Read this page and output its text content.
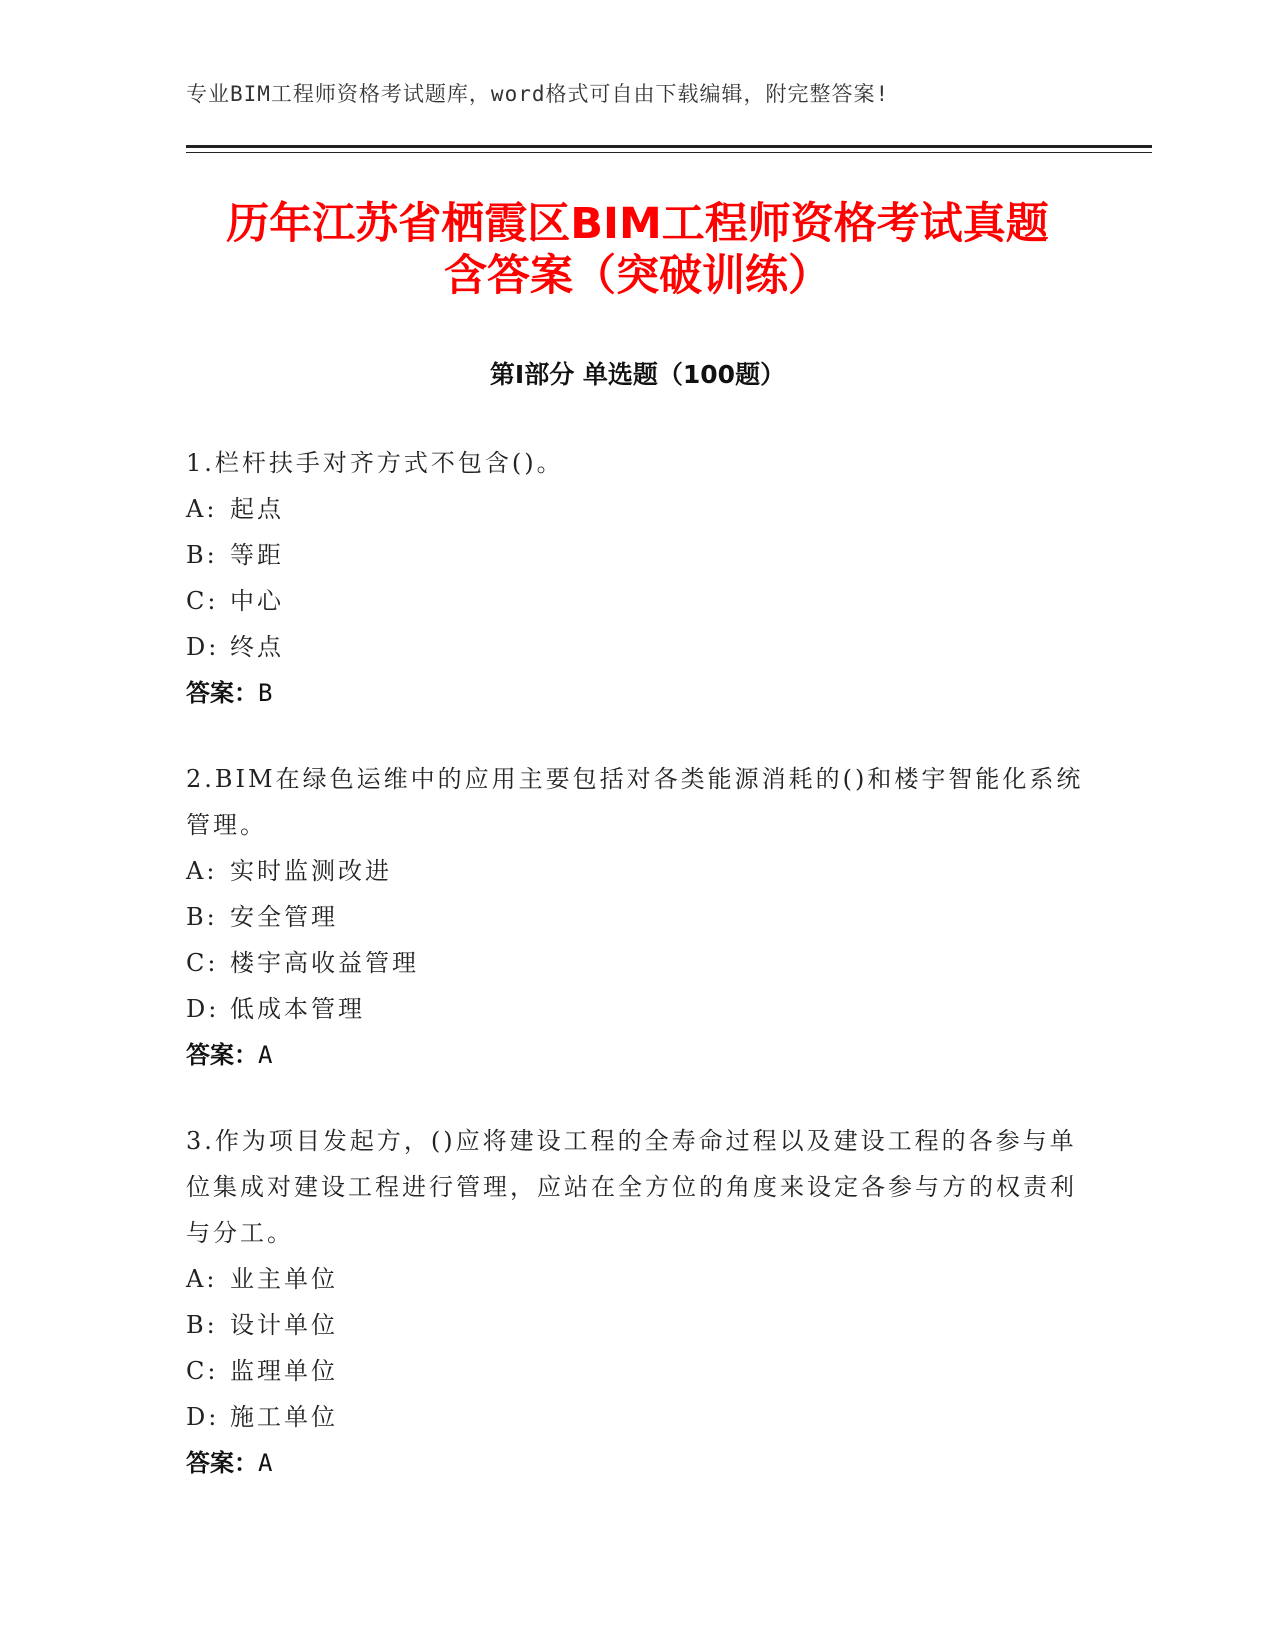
专业BIM工程师资格考试题库，word格式可自由下载编辑，附完整答案!
历年江苏省栖霞区BIM工程师资格考试真题
含答案（突破训练）
第Ⅰ部分 单选题（100题）
1.栏杆扶手对齐方式不包含()。
A: 起点
B: 等距
C: 中心
D: 终点
答案：B
2.BIM在绿色运维中的应用主要包括对各类能源消耗的()和楼宇智能化系统管理。
A: 实时监测改进
B: 安全管理
C: 楼宇高收益管理
D: 低成本管理
答案：A
3.作为项目发起方，()应将建设工程的全寿命过程以及建设工程的各参与单位集成对建设工程进行管理，应站在全方位的角度来设定各参与方的权责利与分工。
A: 业主单位
B: 设计单位
C: 监理单位
D: 施工单位
答案：A
